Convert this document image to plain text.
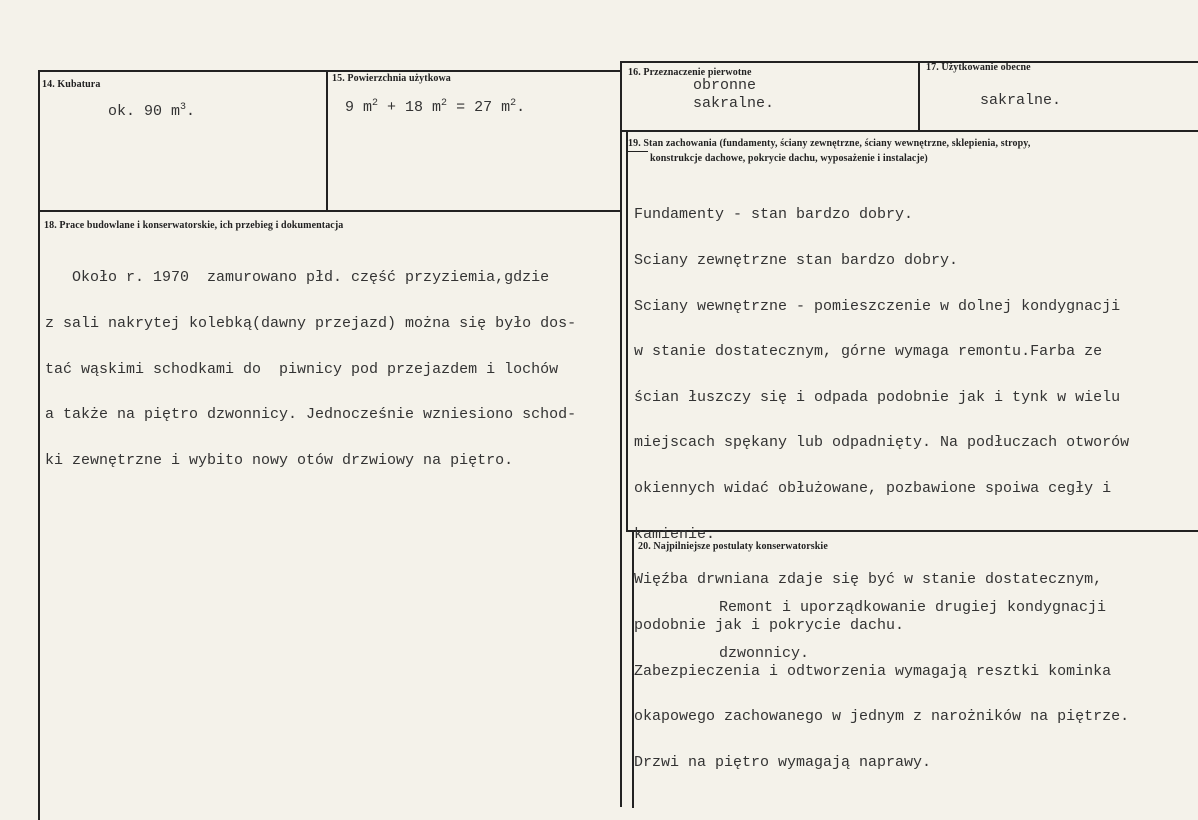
14. Kubatura
ok. 90 $m^3$.
15. Powierzchnia użytkowa
9 $m^2 + 18$ $m^2 = 27$ $m^2$.
16. Przeznaczenie pierwotne
obronne
sakralne.
17. Użytkowanie obecne
sakralne.
18. Prace budowlane i konserwatorskie, ich przebieg i dokumentacja

Około r. 1970  zamurowano płd. część przyziemia,gdzie

z sali nakrytej kolebką(dawny przejazd) można się było dos-

tać wąskimi schodkami do  piwnicy pod przejazdem i lochów

a także na piętro dzwonnicy. Jednocześnie wzniesiono schod-

ki zewnętrzne i wybito nowy otów drzwiowy na piętro.

19. Stan zachowania (fundamenty, ściany zewnętrzne, ściany wewnętrzne, sklepienia, stropy,
konstrukcje dachowe, pokrycie dachu, wyposażenie i instalacje)

Fundamenty - stan bardzo dobry.

Sciany zewnętrzne stan bardzo dobry.

Sciany wewnętrzne - pomieszczenie w dolnej kondygnacji

w stanie dostatecznym, górne wymaga remontu.Farba ze

ścian łuszczy się i odpada podobnie jak i tynk w wielu

miejscach spękany lub odpadnięty. Na podłuczach otworów

okiennych widać obłużowane, pozbawione spoiwa cegły i

kamienie.

Więźba drwniana zdaje się być w stanie dostatecznym,

podobnie jak i pokrycie dachu.

Zabezpieczenia i odtworzenia wymagają resztki kominka

okapowego zachowanego w jednym z narożników na piętrze.

Drzwi na piętro wymagają naprawy.

20. Najpilniejsze postulaty konserwatorskie

Remont i uporządkowanie drugiej kondygnacji

dzwonnicy.
